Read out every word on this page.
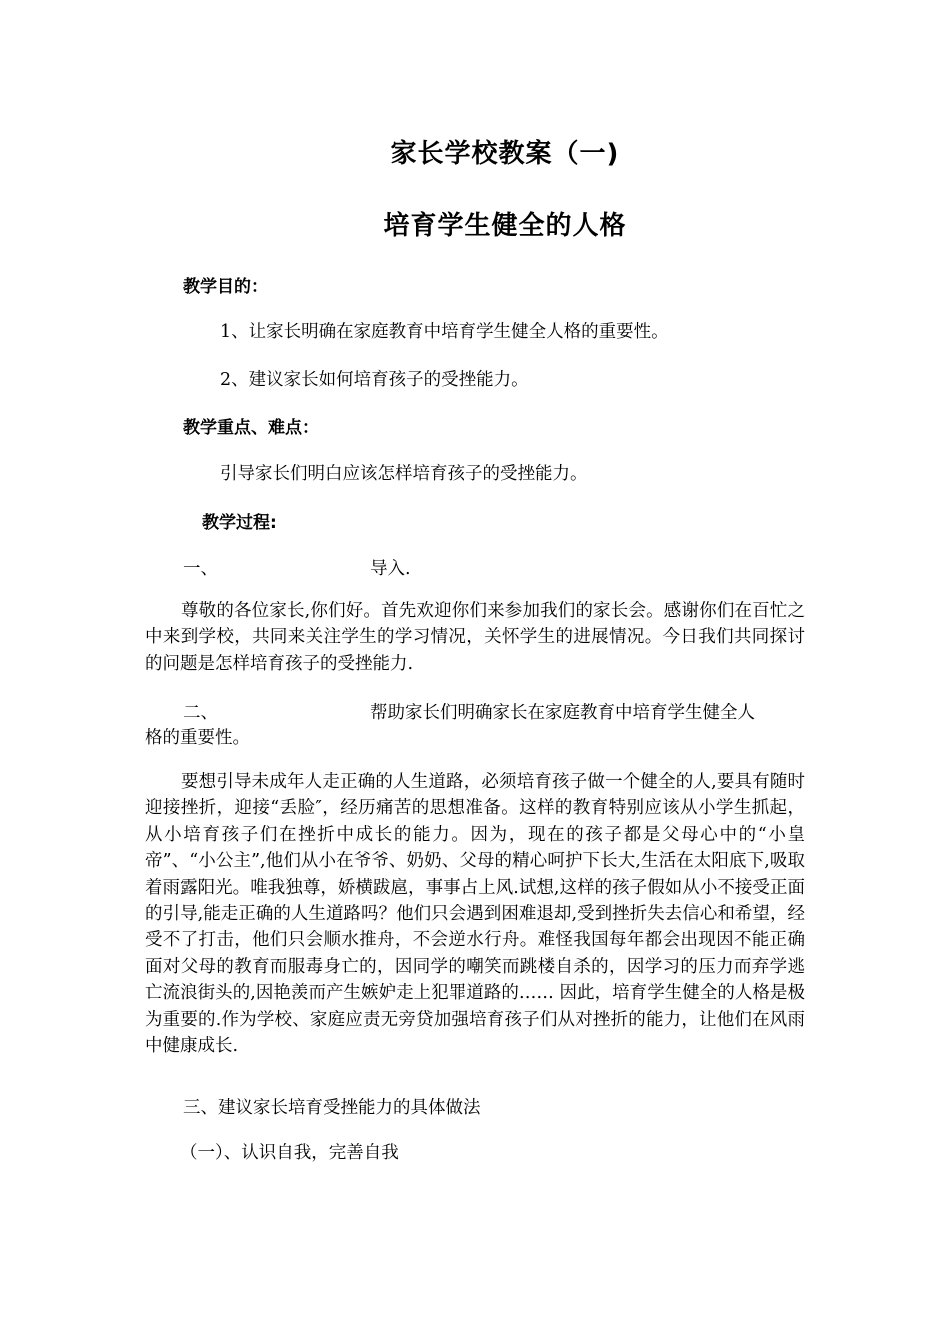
家长学校教案（一)
培育学生健全的人格
教学目的：
1、让家长明确在家庭教育中培育学生健全人格的重要性。
2、建议家长如何培育孩子的受挫能力。
教学重点、难点：
引导家长们明白应该怎样培育孩子的受挫能力。
教学过程:
一、	导入.

尊敬的各位家长,你们好。首先欢迎你们来参加我们的家长会。感谢你们在百忙之中来到学校，共同来关注学生的学习情况，关怀学生的进展情况。今日我们共同探讨的问题是怎样培育孩子的受挫能力.

二、	帮助家长们明确家长在家庭教育中培育学生健全人
格的重要性。

要想引导未成年人走正确的人生道路，必须培育孩子做一个健全的人,要具有随时迎接挫折，迎接“丢脸″，经历痛苦的思想准备。这样的教育特别应该从小学生抓起，从小培育孩子们在挫折中成长的能力。因为，现在的孩子都是父母心中的“小皇帝”、“小公主”,他们从小在爷爷、奶奶、父母的精心呵护下长大,生活在太阳底下,吸取着雨露阳光。唯我独尊，娇横跋扈，事事占上风.试想,这样的孩子假如从小不接受正面的引导,能走正确的人生道路吗？他们只会遇到困难退却,受到挫折失去信心和希望，经受不了打击，他们只会顺水推舟，不会逆水行舟。难怪我国每年都会出现因不能正确面对父母的教育而服毒身亡的，因同学的嘲笑而跳楼自杀的，因学习的压力而弃学逃亡流浪街头的,因艳羡而产生嫉妒走上犯罪道路的…… 因此，培育学生健全的人格是极为重要的.作为学校、家庭应责无旁贷加强培育孩子们从对挫折的能力，让他们在风雨中健康成长.

三、建议家长培育受挫能力的具体做法
（一）、认识自我，完善自我
